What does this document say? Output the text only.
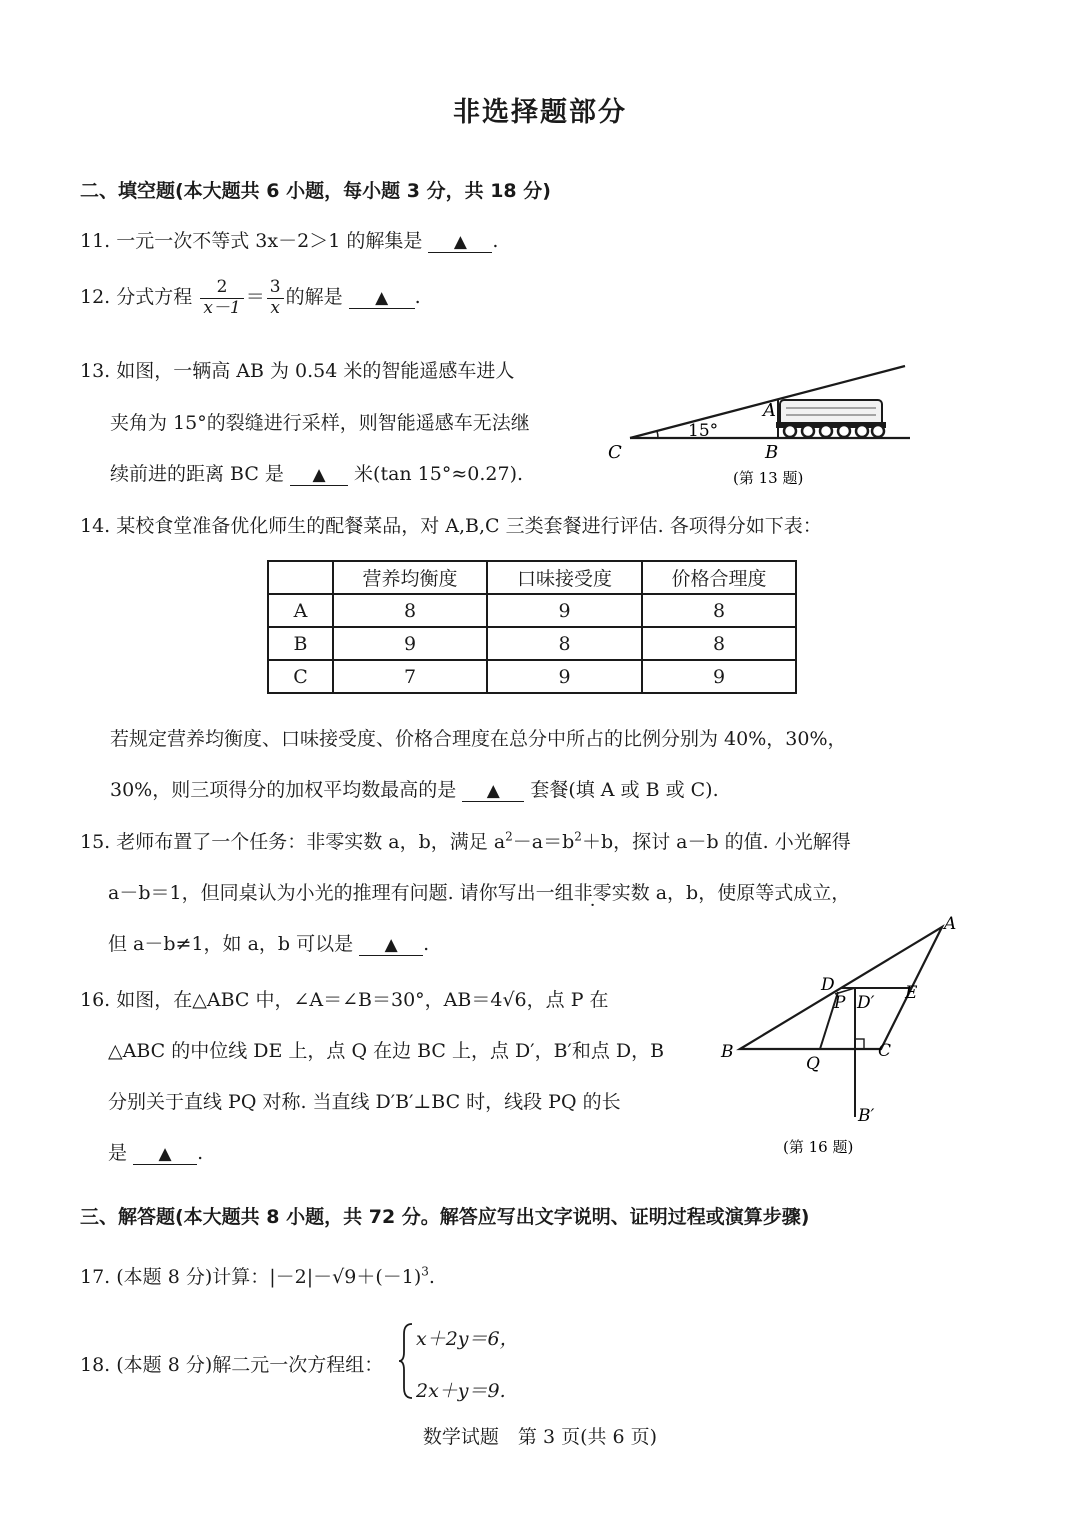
非选择题部分
二、填空题(本大题共 6 小题，每小题 3 分，共 18 分)
11. 一元一次不等式 3x－2＞1 的解集是 ▲ .
12. 分式方程 $\frac{2}{x-1} = \frac{3}{x}$ 的解是 ▲ .
13. 如图，一辆高 AB 为 0.54 米的智能遥感车进人
夹角为 15°的裂缝进行采样，则智能遥感车无法继
续前进的距离 BC 是 ▲ 米(tan 15°≈0.27).
C
A
B
15°
(第 13 题)
14. 某校食堂准备优化师生的配餐菜品，对 A,B,C 三类套餐进行评估. 各项得分如下表：
	营养均衡度	口味接受度	价格合理度
A	8	9	8
B	9	8	8
C	7	9	9
若规定营养均衡度、口味接受度、价格合理度在总分中所占的比例分别为 40%，30%，
30%，则三项得分的加权平均数最高的是 ▲ 套餐(填 A 或 B 或 C).
15. 老师布置了一个任务：非零实数 a，b，满足 $a^2-a=b^2+b$，探讨 a－b 的值. 小光解得
a－b＝1，但同桌认为小光的推理有问题. 请你写出一组非零实数 a，b，使原等式成立，
但 a－b≠1，如 a，b 可以是 ▲ .
16. 如图，在△ABC 中，∠A＝∠B＝30°，AB＝4√6，点 P 在
△ABC 的中位线 DE 上，点 Q 在边 BC 上，点 D′，B′和点 D，B
分别关于直线 PQ 对称. 当直线 D′B′⊥BC 时，线段 PQ 的长
是 ▲ .
A
B	C
D	E
P
Q
D′
B′
(第 16 题)
三、解答题(本大题共 8 小题，共 72 分。解答应写出文字说明、证明过程或演算步骤)
17. (本题 8 分)计算：$|-2|-√9+(-1)^3$.
18. (本题 8 分)解二元一次方程组：
x＋2y＝6，
2x＋y＝9.
数学试题　第 3 页(共 6 页)
